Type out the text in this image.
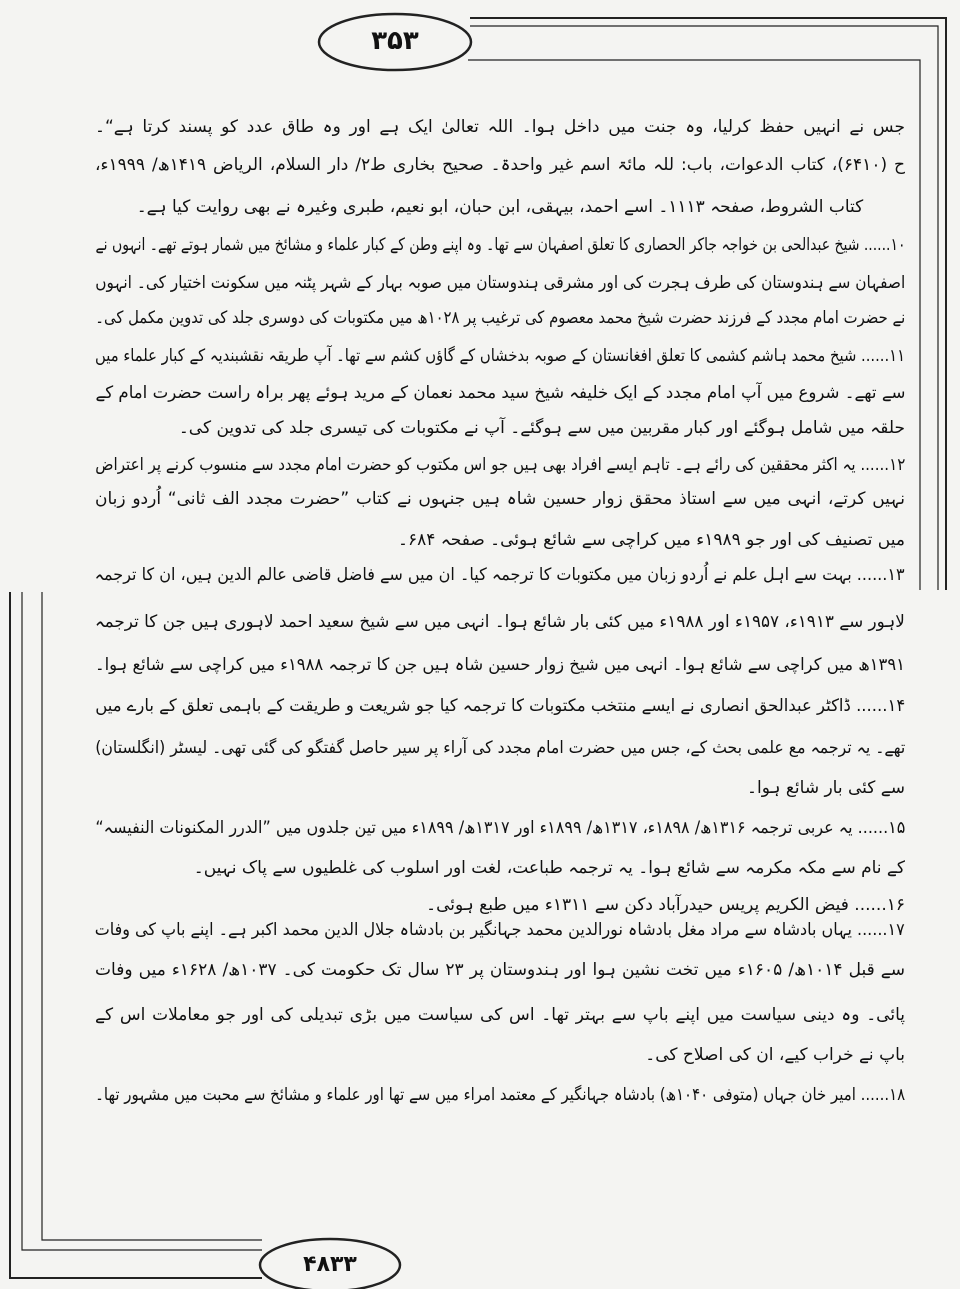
۳۵۳
۴۸۳۳
جس نے انہیں حفظ کرلیا، وہ جنت میں داخل ہوا۔ اللہ تعالیٰ ایک ہے اور وہ طاق عدد کو پسند کرتا ہے“۔
ح (۶۴۱۰)، کتاب الدعوات، باب: للہ مائۃ اسم غیر واحدۃ۔ صحیح بخاری ط۲/ دار السلام، الریاض ۱۴۱۹ھ/ ۱۹۹۹ء،
کتاب الشروط، صفحہ ۱۱۱۳۔ اسے احمد، بیہقی، ابن حبان، ابو نعیم، طبری وغیرہ نے بھی روایت کیا ہے۔
۱۰...... شیخ عبدالحی بن خواجہ جاکر الحصاری کا تعلق اصفہان سے تھا۔ وہ اپنے وطن کے کبار علماء و مشائخ میں شمار ہوتے تھے۔ انہوں نے
اصفہان سے ہندوستان کی طرف ہجرت کی اور مشرقی ہندوستان میں صوبہ بہار کے شہر پٹنہ میں سکونت اختیار کی۔ انہوں
نے حضرت امام مجدد کے فرزند حضرت شیخ محمد معصوم کی ترغیب پر ۱۰۲۸ھ میں مکتوبات کی دوسری جلد کی تدوین مکمل کی۔
۱۱...... شیخ محمد ہاشم کشمی کا تعلق افغانستان کے صوبہ بدخشاں کے گاؤں کشم سے تھا۔ آپ طریقہ نقشبندیہ کے کبار علماء میں
سے تھے۔ شروع میں آپ امام مجدد کے ایک خلیفہ شیخ سید محمد نعمان کے مرید ہوئے پھر براہ راست حضرت امام کے
حلقہ میں شامل ہوگئے اور کبار مقربین میں سے ہوگئے۔ آپ نے مکتوبات کی تیسری جلد کی تدوین کی۔
۱۲...... یہ اکثر محققین کی رائے ہے۔ تاہم ایسے افراد بھی ہیں جو اس مکتوب کو حضرت امام مجدد سے منسوب کرنے پر اعتراض
نہیں کرتے، انہی میں سے استاذ محقق زوار حسین شاہ ہیں جنہوں نے کتاب ”حضرت مجدد الف ثانی“ اُردو زبان
میں تصنیف کی اور جو ۱۹۸۹ء میں کراچی سے شائع ہوئی۔ صفحہ ۶۸۴۔
۱۳...... بہت سے اہل علم نے اُردو زبان میں مکتوبات کا ترجمہ کیا۔ ان میں سے فاضل قاضی عالم الدین ہیں، ان کا ترجمہ
لاہور سے ۱۹۱۳ء، ۱۹۵۷ء اور ۱۹۸۸ء میں کئی بار شائع ہوا۔ انہی میں سے شیخ سعید احمد لاہوری ہیں جن کا ترجمہ
۱۳۹۱ھ میں کراچی سے شائع ہوا۔ انہی میں شیخ زوار حسین شاہ ہیں جن کا ترجمہ ۱۹۸۸ء میں کراچی سے شائع ہوا۔
۱۴...... ڈاکٹر عبدالحق انصاری نے ایسے منتخب مکتوبات کا ترجمہ کیا جو شریعت و طریقت کے باہمی تعلق کے بارے میں
تھے۔ یہ ترجمہ مع علمی بحث کے، جس میں حضرت امام مجدد کی آراء پر سیر حاصل گفتگو کی گئی تھی۔ لیسٹر (انگلستان)
سے کئی بار شائع ہوا۔
۱۵...... یہ عربی ترجمہ ۱۳۱۶ھ/ ۱۸۹۸ء، ۱۳۱۷ھ/ ۱۸۹۹ء اور ۱۳۱۷ھ/ ۱۸۹۹ء میں تین جلدوں میں ”الدرر المکنونات النفیسہ“
کے نام سے مکہ مکرمہ سے شائع ہوا۔ یہ ترجمہ طباعت، لغت اور اسلوب کی غلطیوں سے پاک نہیں۔
۱۶...... فیض الکریم پریس حیدرآباد دکن سے ۱۳۱۱ء میں طبع ہوئی۔
۱۷...... یہاں بادشاہ سے مراد مغل بادشاہ نورالدین محمد جہانگیر بن بادشاہ جلال الدین محمد اکبر ہے۔ اپنے باپ کی وفات
سے قبل ۱۰۱۴ھ/ ۱۶۰۵ء میں تخت نشین ہوا اور ہندوستان پر ۲۳ سال تک حکومت کی۔ ۱۰۳۷ھ/ ۱۶۲۸ء میں وفات
پائی۔ وہ دینی سیاست میں اپنے باپ سے بہتر تھا۔ اس کی سیاست میں بڑی تبدیلی کی اور جو معاملات اس کے
باپ نے خراب کیے، ان کی اصلاح کی۔
۱۸...... امیر خان جہاں (متوفی ۱۰۴۰ھ) بادشاہ جہانگیر کے معتمد امراء میں سے تھا اور علماء و مشائخ سے محبت میں مشہور تھا۔
